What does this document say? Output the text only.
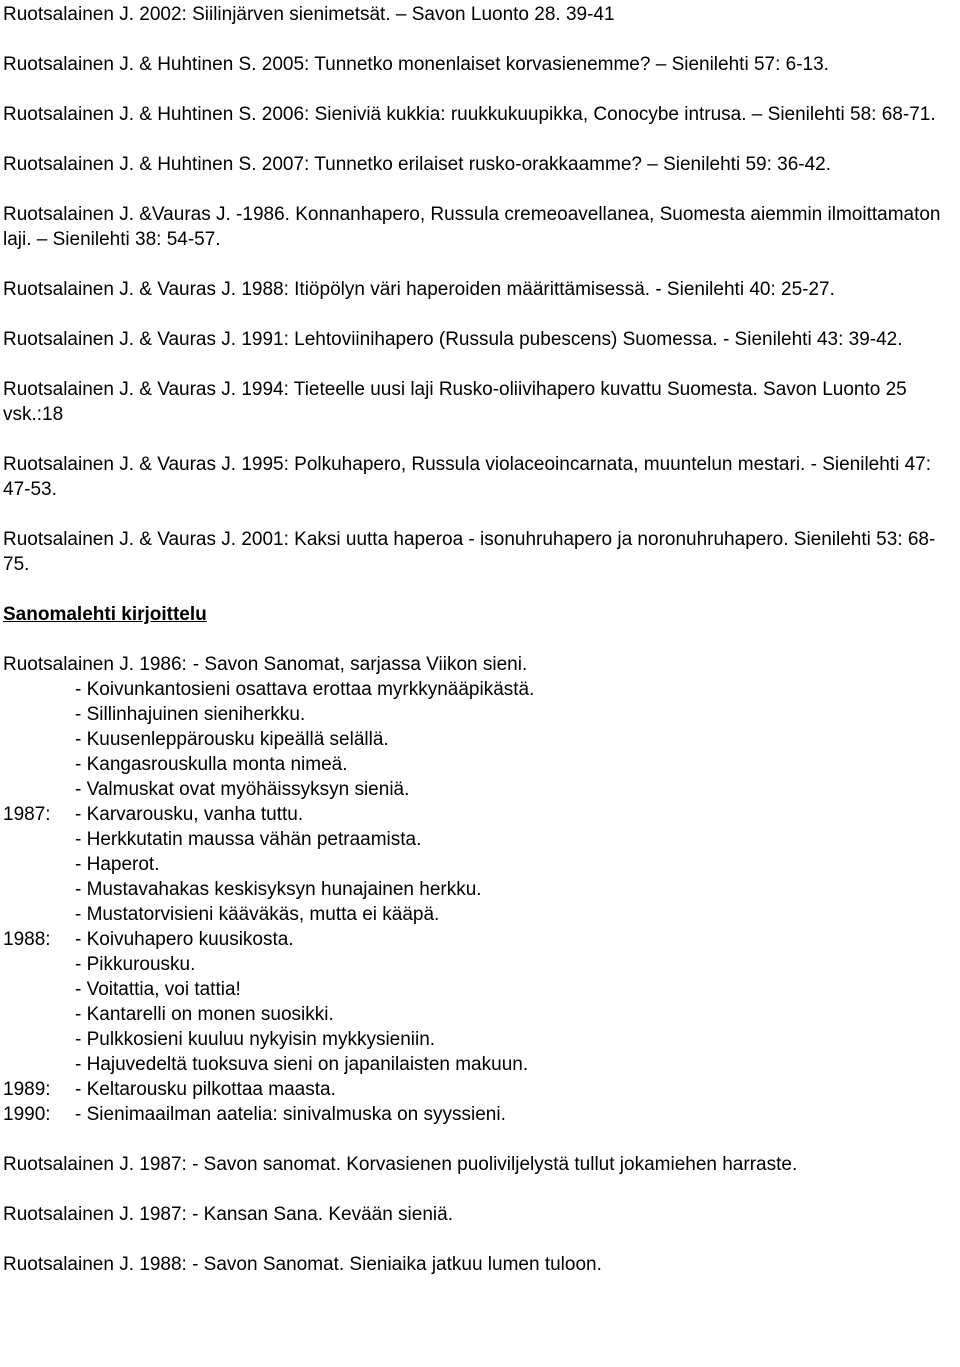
Ruotsalainen J. 2002: Siilinjärven sienimetsät. – Savon Luonto 28. 39-41

Ruotsalainen J. & Huhtinen S. 2005: Tunnetko monenlaiset korvasienemme? – Sienilehti 57: 6-13.

Ruotsalainen J. & Huhtinen S. 2006: Sieniviä kukkia: ruukkukuupikka, Conocybe intrusa. – Sienilehti 58: 68-71.

Ruotsalainen J. & Huhtinen S. 2007: Tunnetko erilaiset rusko-orakkaamme? – Sienilehti 59: 36-42.

Ruotsalainen J. &Vauras J. -1986. Konnanhapero, Russula cremeoavellanea, Suomesta aiemmin ilmoittamaton laji. – Sienilehti 38: 54-57.

Ruotsalainen J. & Vauras J. 1988: Itiöpölyn väri haperoiden määrittämisessä. - Sienilehti 40: 25-27.

Ruotsalainen J. & Vauras J. 1991: Lehtoviinihapero (Russula pubescens) Suomessa. - Sienilehti 43: 39-42.

Ruotsalainen J. & Vauras J. 1994: Tieteelle uusi laji Rusko-oliivihapero kuvattu Suomesta. Savon Luonto 25 vsk.:18

Ruotsalainen J. & Vauras J. 1995: Polkuhapero, Russula violaceoincarnata, muuntelun mestari. - Sienilehti 47: 47-53.

Ruotsalainen J. & Vauras J. 2001: Kaksi uutta haperoa - isonuhruhapero ja noronuhruhapero. Sienilehti 53: 68-75.

Sanomalehti kirjoittelu
Ruotsalainen J. 1986: - Savon Sanomat, sarjassa Viikon sieni.
- Koivunkantosieni osattava erottaa myrkkynääpikästä.
- Sillinhajuinen sieniherkku.
- Kuusenleppärousku kipeällä selällä.
- Kangasrouskulla monta nimeä.
- Valmuskat ovat myöhäissyksyn sieniä.
1987:	- Karvarousku, vanha tuttu.
- Herkkutatin maussa vähän petraamista.
- Haperot.
- Mustavahakas keskisyksyn hunajainen herkku.
- Mustatorvisieni kääväkäs, mutta ei kääpä.
1988:	- Koivuhapero kuusikosta.
- Pikkurousku.
- Voitattia, voi tattia!
- Kantarelli on monen suosikki.
- Pulkkosieni kuuluu nykyisin mykkysieniin.
- Hajuvedeltä tuoksuva sieni on japanilaisten makuun.
1989:	- Keltarousku pilkottaa maasta.
1990:	- Sienimaailman aatelia: sinivalmuska on syyssieni.
Ruotsalainen J. 1987: - Savon sanomat. Korvasienen puoliviljelystä tullut jokamiehen harraste.
Ruotsalainen J. 1987: - Kansan Sana. Kevään sieniä.
Ruotsalainen J. 1988: - Savon Sanomat. Sieniaika jatkuu lumen tuloon.
